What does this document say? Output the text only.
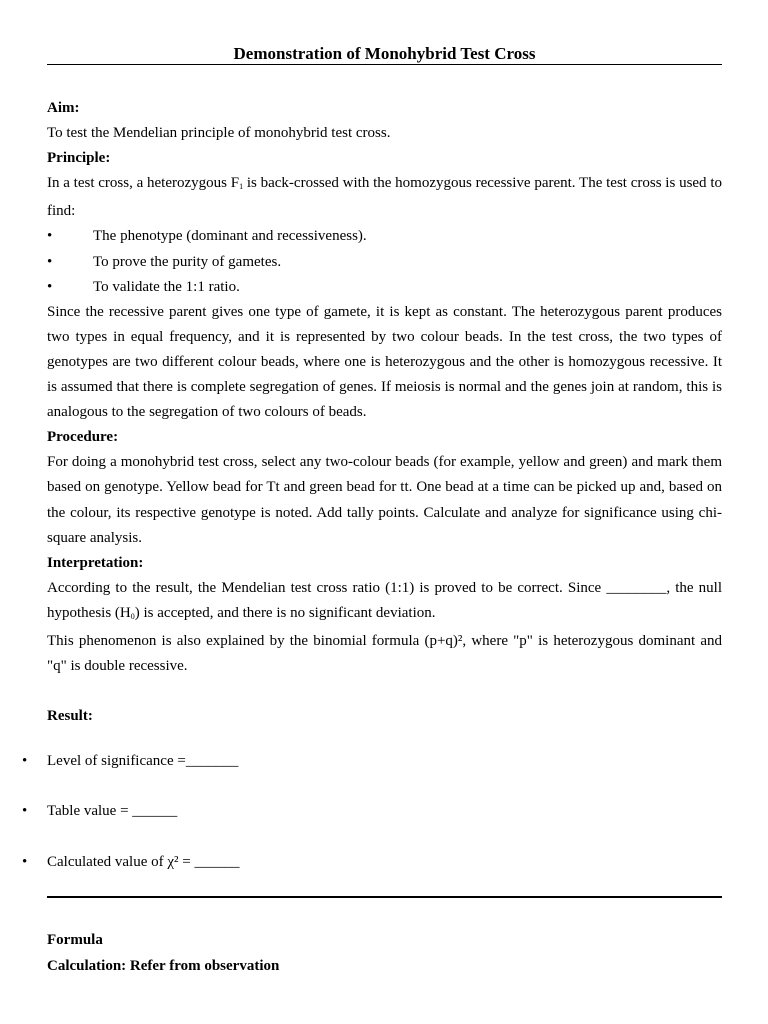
Demonstration of Monohybrid Test Cross
Aim:
To test the Mendelian principle of monohybrid test cross.
Principle:
In a test cross, a heterozygous $F_1$ is back-crossed with the homozygous recessive parent. The test cross is used to find:
•	The phenotype (dominant and recessiveness).
•	To prove the purity of gametes.
•	To validate the 1:1 ratio.
Since the recessive parent gives one type of gamete, it is kept as constant. The heterozygous parent produces two types in equal frequency, and it is represented by two colour beads. In the test cross, the two types of genotypes are two different colour beads, where one is heterozygous and the other is homozygous recessive. It is assumed that there is complete segregation of genes. If meiosis is normal and the genes join at random, this is analogous to the segregation of two colours of beads.
Procedure:
For doing a monohybrid test cross, select any two-colour beads (for example, yellow and green) and mark them based on genotype. Yellow bead for Tt and green bead for tt. One bead at a time can be picked up and, based on the colour, its respective genotype is noted. Add tally points. Calculate and analyze for significance using chi-square analysis.
Interpretation:
According to the result, the Mendelian test cross ratio (1:1) is proved to be correct. Since ________, the null hypothesis $(H_0)$ is accepted, and there is no significant deviation.
This phenomenon is also explained by the binomial formula (p+q)², where "p" is heterozygous dominant and "q" is double recessive.
Result:
•	Level of significance =_______
•	Table value = ______
•	Calculated value of χ² = ______
Formula
Calculation: Refer from observation
